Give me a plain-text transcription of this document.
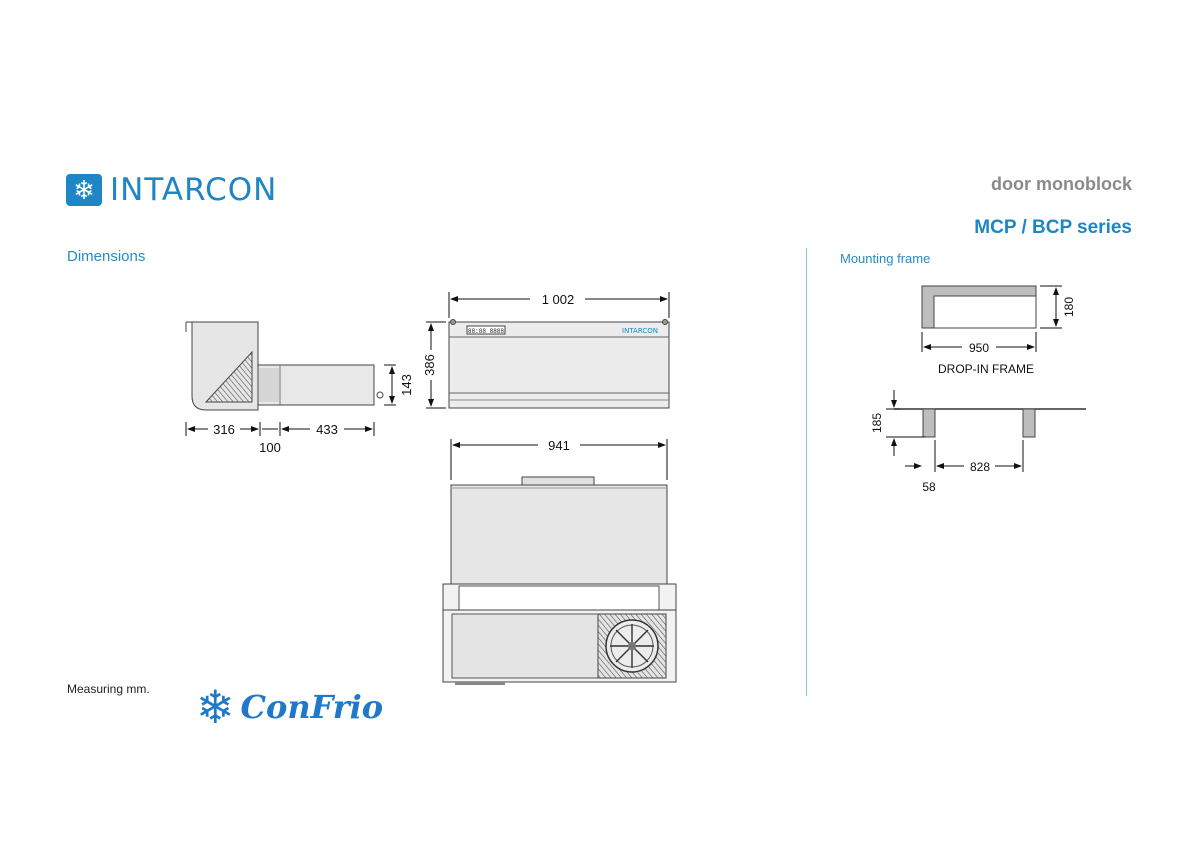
❄ INTARCON	door monoblock
MCP / BCP series
Dimensions	Mounting frame
Measuring mm.
316	433
100
143
88:88 8888	INTARCON
1 002
386
941
180
950
DROP-IN FRAME
185
828
58
❄ ConFrio
